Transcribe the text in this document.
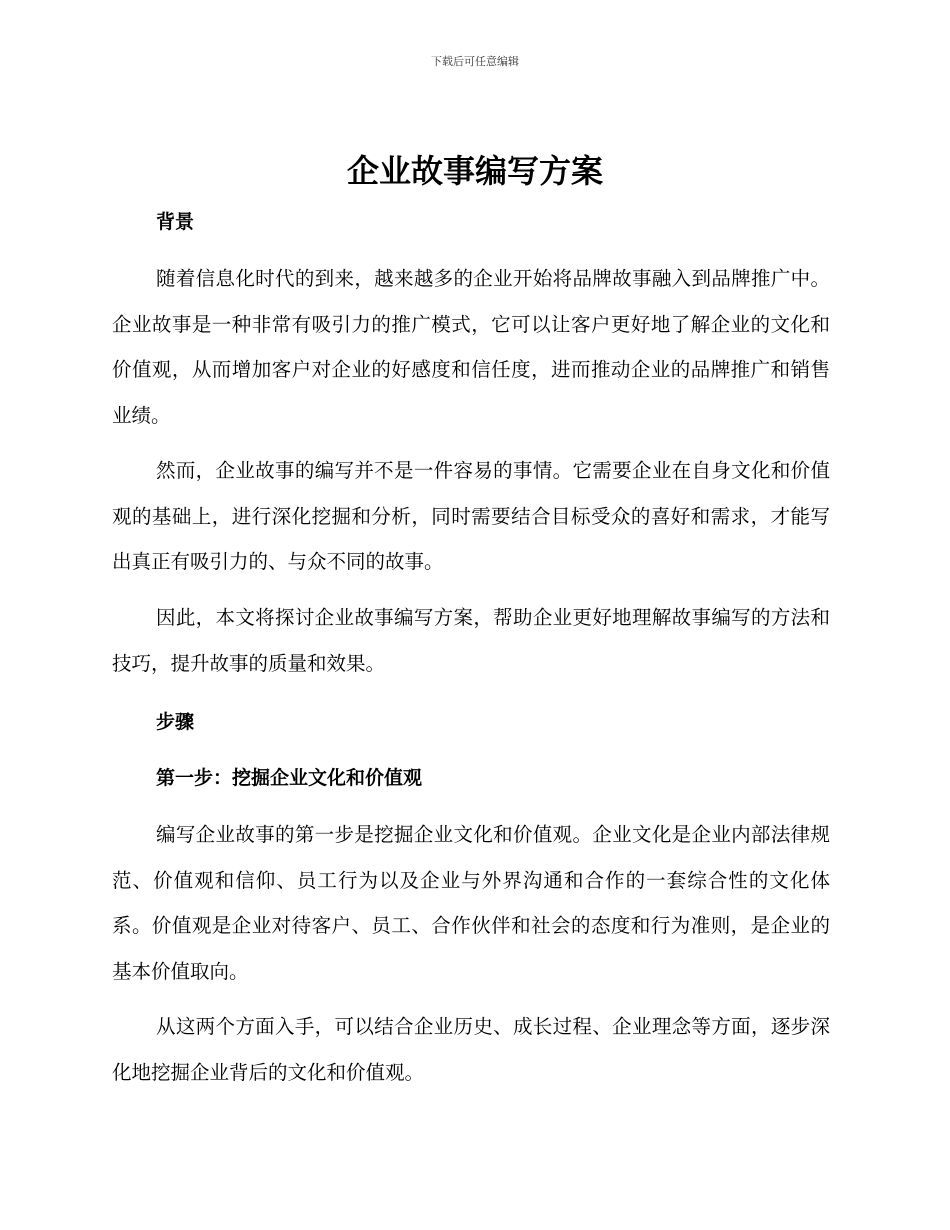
下载后可任意编辑
企业故事编写方案
背景

随着信息化时代的到来，越来越多的企业开始将品牌故事融入到品牌推广中。企业故事是一种非常有吸引力的推广模式，它可以让客户更好地了解企业的文化和价值观，从而增加客户对企业的好感度和信任度，进而推动企业的品牌推广和销售业绩。

然而，企业故事的编写并不是一件容易的事情。它需要企业在自身文化和价值观的基础上，进行深化挖掘和分析，同时需要结合目标受众的喜好和需求，才能写出真正有吸引力的、与众不同的故事。

因此，本文将探讨企业故事编写方案，帮助企业更好地理解故事编写的方法和技巧，提升故事的质量和效果。

步骤
第一步：挖掘企业文化和价值观

编写企业故事的第一步是挖掘企业文化和价值观。企业文化是企业内部法律规范、价值观和信仰、员工行为以及企业与外界沟通和合作的一套综合性的文化体系。价值观是企业对待客户、员工、合作伙伴和社会的态度和行为准则，是企业的基本价值取向。

从这两个方面入手，可以结合企业历史、成长过程、企业理念等方面，逐步深化地挖掘企业背后的文化和价值观。
